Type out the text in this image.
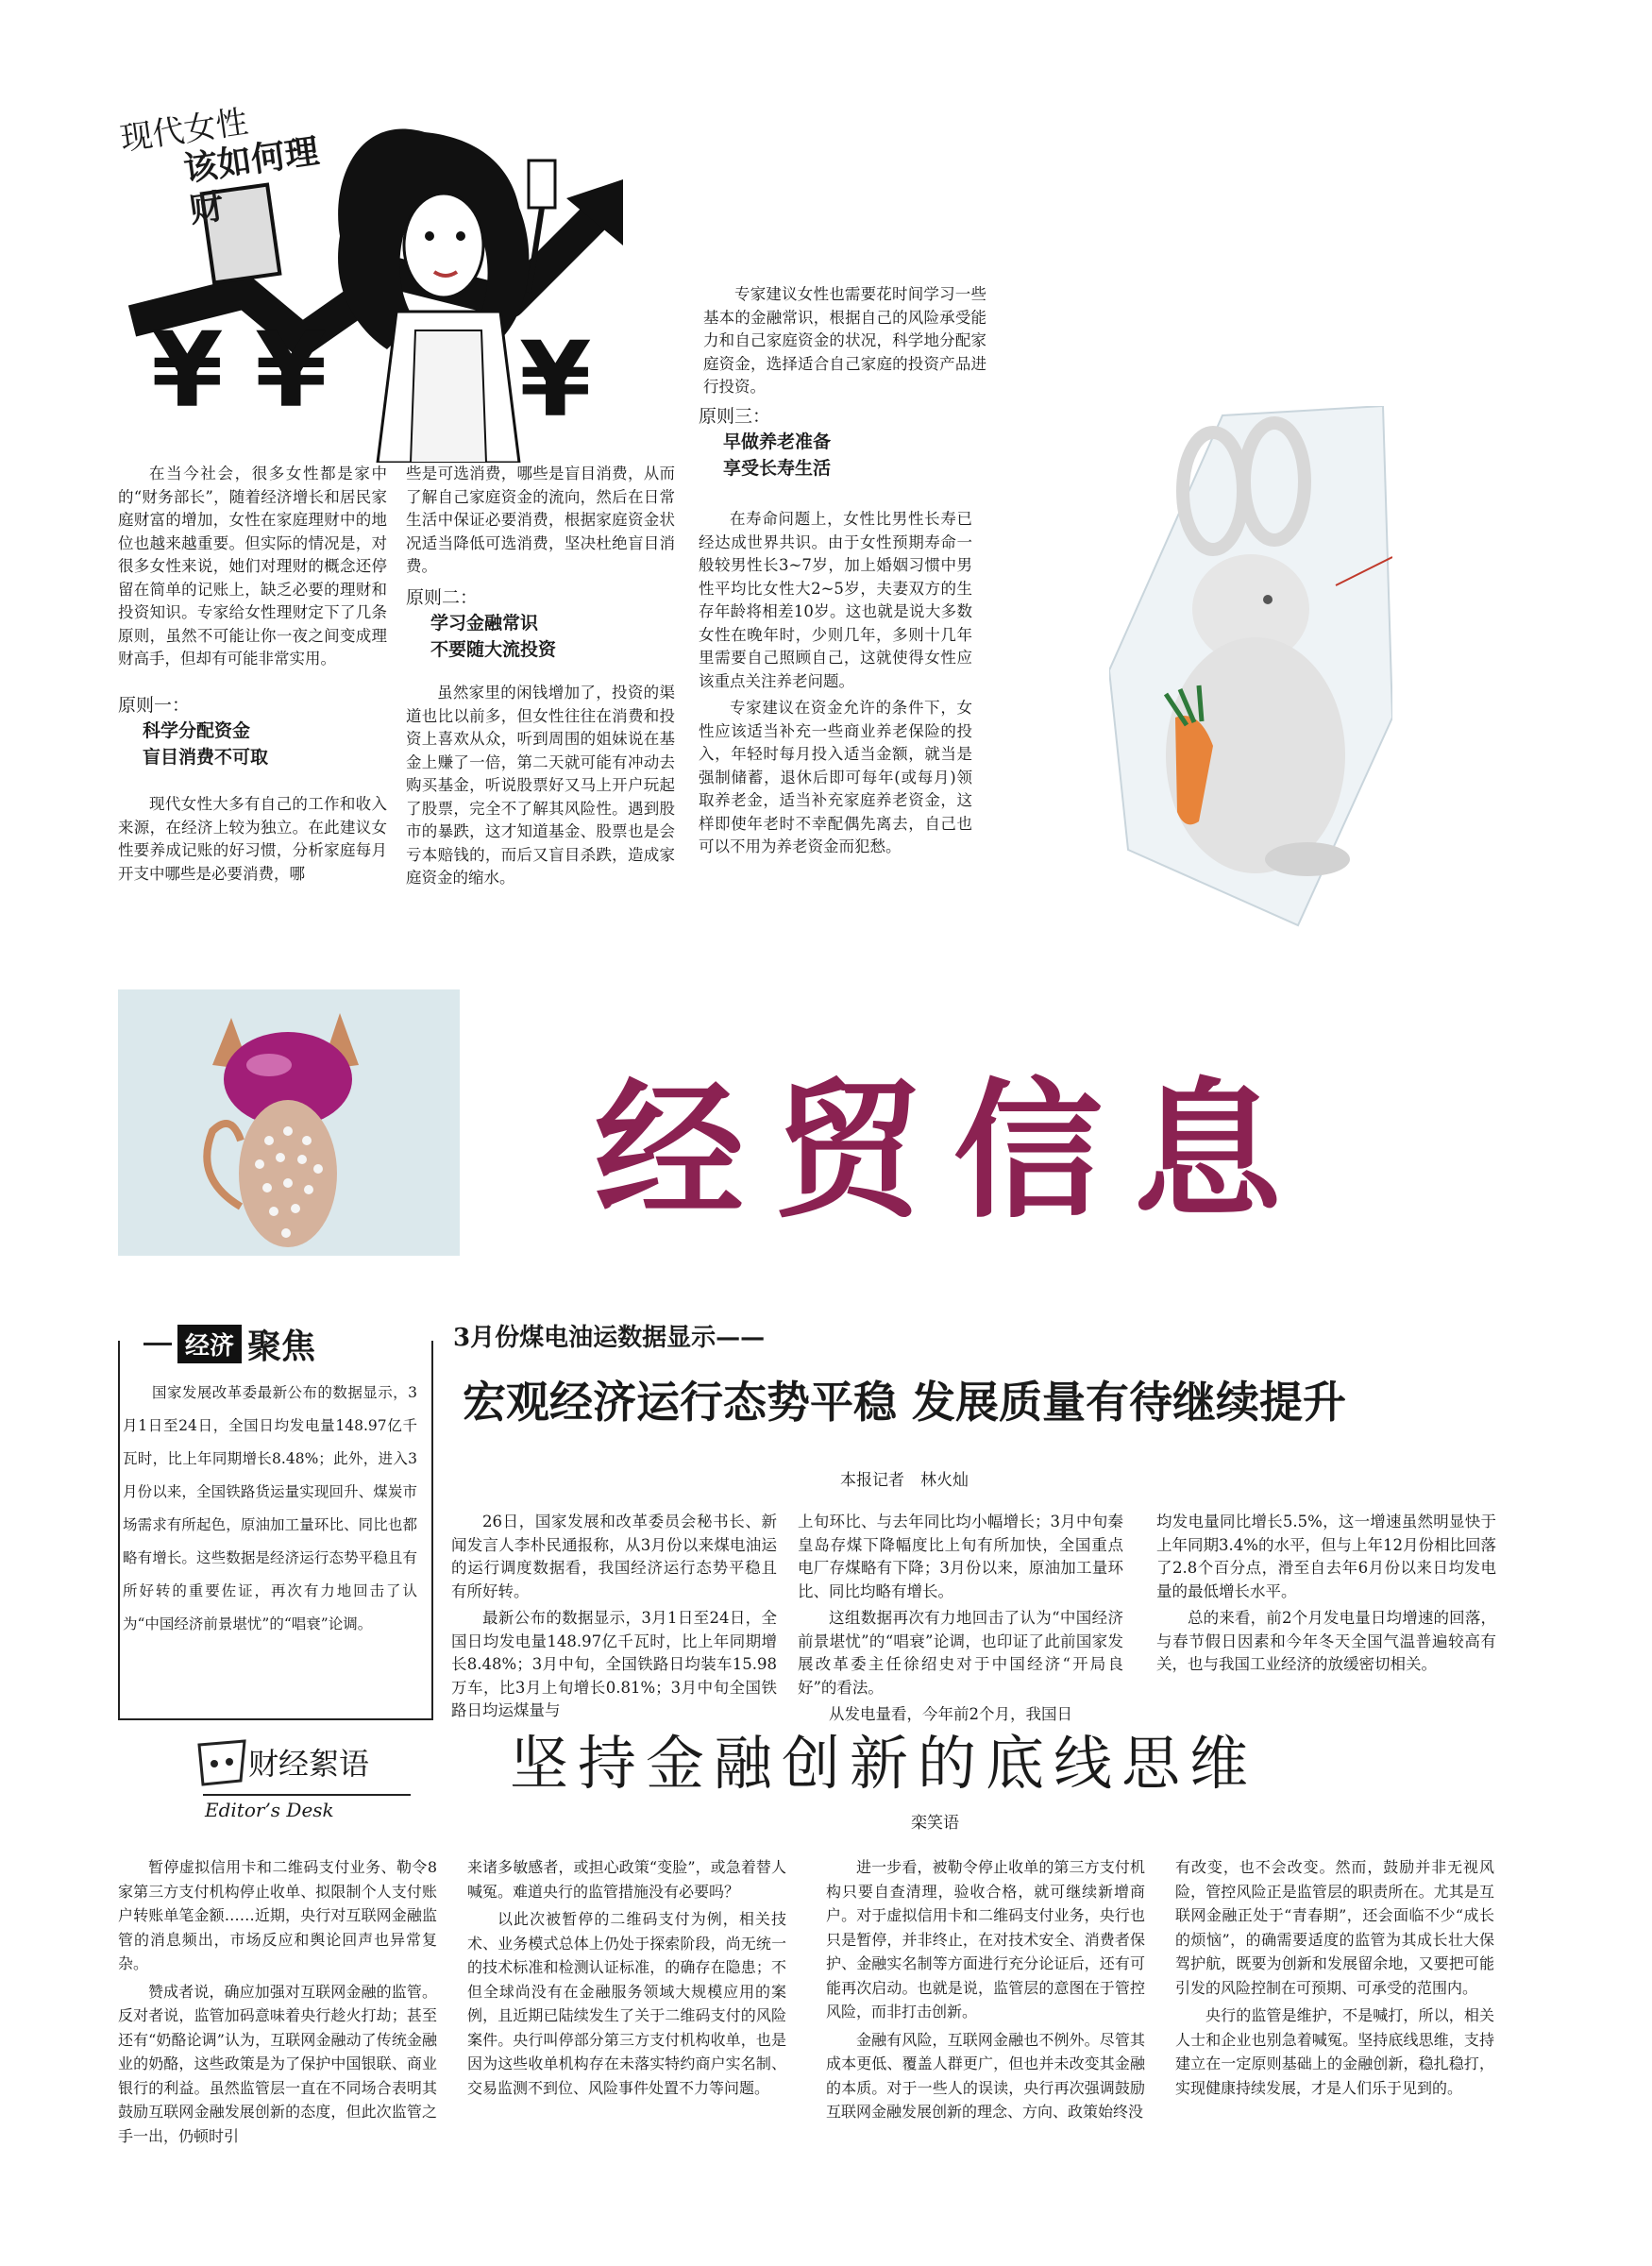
¥ ¥ ¥
现代女性
该如何理财

专家建议女性也需要花时间学习一些基本的金融常识，根据自己的风险承受能力和自己家庭资金的状况，科学地分配家庭资金，选择适合自己家庭的投资产品进行投资。

在当今社会，很多女性都是家中的“财务部长”，随着经济增长和居民家庭财富的增加，女性在家庭理财中的地位也越来越重要。但实际的情况是，对很多女性来说，她们对理财的概念还停留在简单的记账上，缺乏必要的理财和投资知识。专家给女性理财定下了几条原则，虽然不可能让你一夜之间变成理财高手，但却有可能非常实用。

原则一：
科学分配资金
盲目消费不可取

现代女性大多有自己的工作和收入来源，在经济上较为独立。在此建议女性要养成记账的好习惯，分析家庭每月开支中哪些是必要消费，哪

些是可选消费，哪些是盲目消费，从而了解自己家庭资金的流向，然后在日常生活中保证必要消费，根据家庭资金状况适当降低可选消费，坚决杜绝盲目消费。

原则二：
学习金融常识
不要随大流投资

虽然家里的闲钱增加了，投资的渠道也比以前多，但女性往往在消费和投资上喜欢从众，听到周围的姐妹说在基金上赚了一倍，第二天就可能有冲动去购买基金，听说股票好又马上开户玩起了股票，完全不了解其风险性。遇到股市的暴跌，这才知道基金、股票也是会亏本赔钱的，而后又盲目杀跌，造成家庭资金的缩水。

原则三：
早做养老准备
享受长寿生活

在寿命问题上，女性比男性长寿已经达成世界共识。由于女性预期寿命一般较男性长3~7岁，加上婚姻习惯中男性平均比女性大2~5岁，夫妻双方的生存年龄将相差10岁。这也就是说大多数女性在晚年时，少则几年，多则十几年里需要自己照顾自己，这就使得女性应该重点关注养老问题。

专家建议在资金允许的条件下，女性应该适当补充一些商业养老保险的投入，年轻时每月投入适当金额，就当是强制储蓄，退休后即可每年(或每月)领取养老金，适当补充家庭养老资金，这样即使年老时不幸配偶先离去，自己也可以不用为养老资金而犯愁。

经贸信息
经济 聚焦

国家发展改革委最新公布的数据显示，3月1日至24日，全国日均发电量148.97亿千瓦时，比上年同期增长8.48%；此外，进入3月份以来，全国铁路货运量实现回升、煤炭市场需求有所起色，原油加工量环比、同比也都略有增长。这些数据是经济运行态势平稳且有所好转的重要佐证，再次有力地回击了认为“中国经济前景堪忧”的“唱衰”论调。

3月份煤电油运数据显示——
宏观经济运行态势平稳 发展质量有待继续提升
本报记者　林火灿

26日，国家发展和改革委员会秘书长、新闻发言人李朴民通报称，从3月份以来煤电油运的运行调度数据看，我国经济运行态势平稳且有所好转。

最新公布的数据显示，3月1日至24日，全国日均发电量148.97亿千瓦时，比上年同期增长8.48%；3月中旬，全国铁路日均装车15.98万车，比3月上旬增长0.81%；3月中旬全国铁路日均运煤量与

上旬环比、与去年同比均小幅增长；3月中旬秦皇岛存煤下降幅度比上旬有所加快，全国重点电厂存煤略有下降；3月份以来，原油加工量环比、同比均略有增长。

这组数据再次有力地回击了认为“中国经济前景堪忧”的“唱衰”论调，也印证了此前国家发展改革委主任徐绍史对于中国经济“开局良好”的看法。

从发电量看，今年前2个月，我国日

均发电量同比增长5.5%，这一增速虽然明显快于上年同期3.4%的水平，但与上年12月份相比回落了2.8个百分点，滑至自去年6月份以来日均发电量的最低增长水平。

总的来看，前2个月发电量日均增速的回落，与春节假日因素和今年冬天全国气温普遍较高有关，也与我国工业经济的放缓密切相关。

财经絮语
Editor’s Desk
坚持金融创新的底线思维
栾笑语

暂停虚拟信用卡和二维码支付业务、勒令8家第三方支付机构停止收单、拟限制个人支付账户转账单笔金额……近期，央行对互联网金融监管的消息频出，市场反应和舆论回声也异常复杂。

赞成者说，确应加强对互联网金融的监管。反对者说，监管加码意味着央行趁火打劫；甚至还有“奶酪论调”认为，互联网金融动了传统金融业的奶酪，这些政策是为了保护中国银联、商业银行的利益。虽然监管层一直在不同场合表明其鼓励互联网金融发展创新的态度，但此次监管之手一出，仍顿时引

来诸多敏感者，或担心政策“变脸”，或急着替人喊冤。难道央行的监管措施没有必要吗？

以此次被暂停的二维码支付为例，相关技术、业务模式总体上仍处于探索阶段，尚无统一的技术标准和检测认证标准，的确存在隐患；不但全球尚没有在金融服务领域大规模应用的案例，且近期已陆续发生了关于二维码支付的风险案件。央行叫停部分第三方支付机构收单，也是因为这些收单机构存在未落实特约商户实名制、交易监测不到位、风险事件处置不力等问题。

进一步看，被勒令停止收单的第三方支付机构只要自查清理，验收合格，就可继续新增商户。对于虚拟信用卡和二维码支付业务，央行也只是暂停，并非终止，在对技术安全、消费者保护、金融实名制等方面进行充分论证后，还有可能再次启动。也就是说，监管层的意图在于管控风险，而非打击创新。

金融有风险，互联网金融也不例外。尽管其成本更低、覆盖人群更广，但也并未改变其金融的本质。对于一些人的误读，央行再次强调鼓励互联网金融发展创新的理念、方向、政策始终没

有改变，也不会改变。然而，鼓励并非无视风险，管控风险正是监管层的职责所在。尤其是互联网金融正处于“青春期”，还会面临不少“成长的烦恼”，的确需要适度的监管为其成长壮大保驾护航，既要为创新和发展留余地，又要把可能引发的风险控制在可预期、可承受的范围内。

央行的监管是维护，不是喊打，所以，相关人士和企业也别急着喊冤。坚持底线思维，支持建立在一定原则基础上的金融创新，稳扎稳打，实现健康持续发展，才是人们乐于见到的。
